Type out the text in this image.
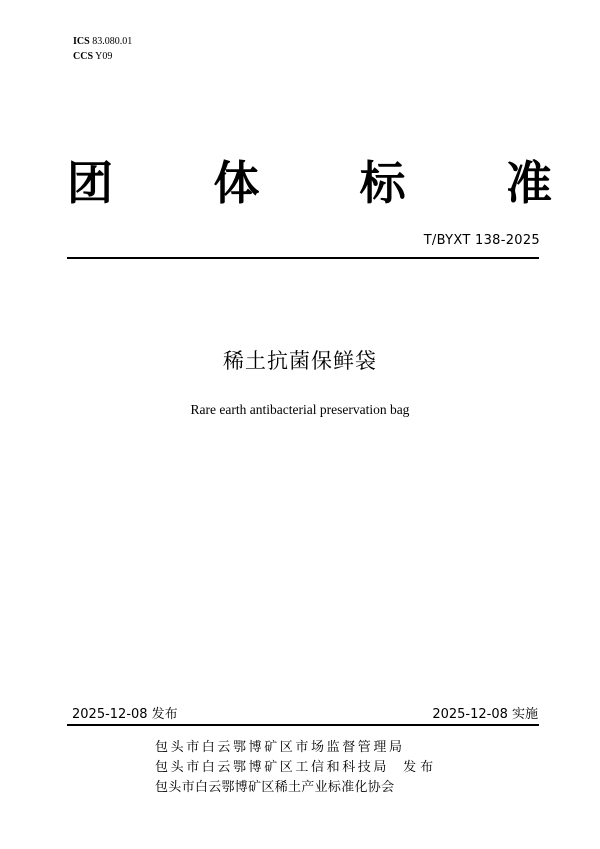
ICS 83.080.01
CCS Y09
团 体 标 准
T/BYXT 138-2025
稀土抗菌保鲜袋
Rare earth antibacterial preservation bag
2025-12-08 发布	2025-12-08 实施
包头市白云鄂博矿区市场监督管理局
包头市白云鄂博矿区工信和科技局 发布
包头市白云鄂博矿区稀土产业标准化协会
